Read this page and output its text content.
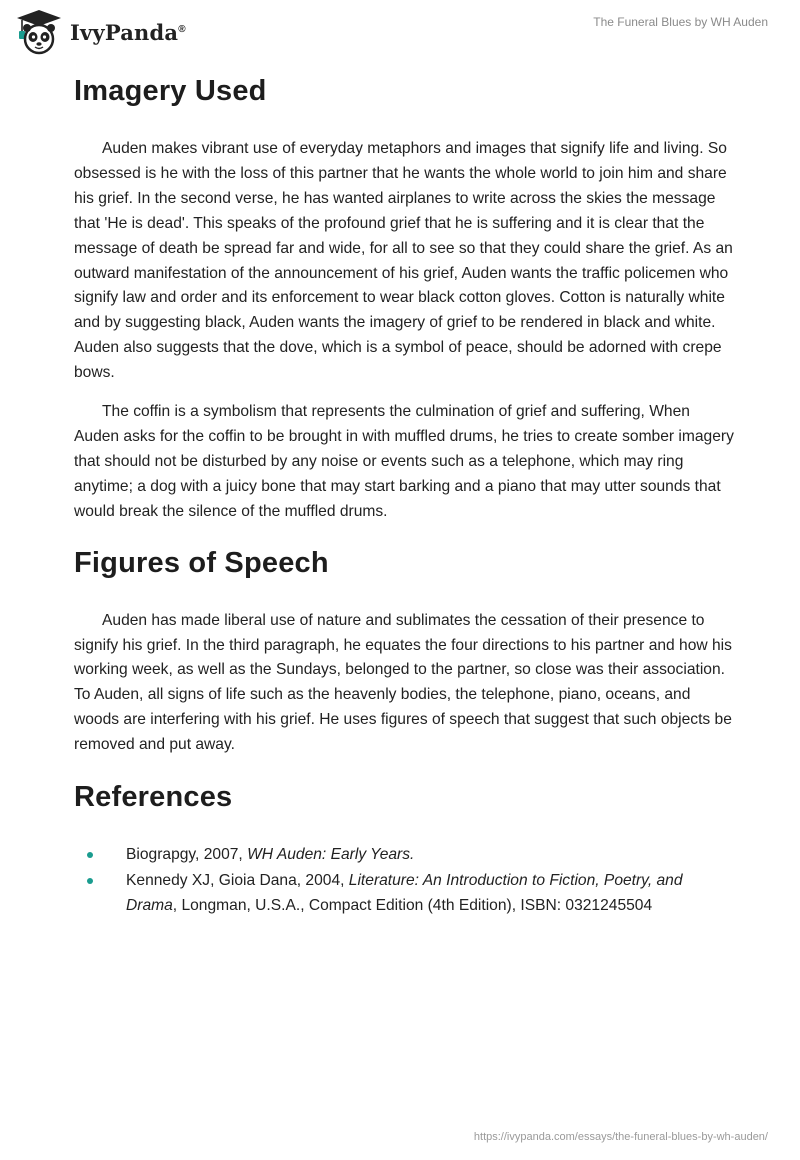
IvyPanda®	The Funeral Blues by WH Auden
Imagery Used

Auden makes vibrant use of everyday metaphors and images that signify life and living. So obsessed is he with the loss of this partner that he wants the whole world to join him and share his grief. In the second verse, he has wanted airplanes to write across the skies the message that 'He is dead'. This speaks of the profound grief that he is suffering and it is clear that the message of death be spread far and wide, for all to see so that they could share the grief. As an outward manifestation of the announcement of his grief, Auden wants the traffic policemen who signify law and order and its enforcement to wear black cotton gloves. Cotton is naturally white and by suggesting black, Auden wants the imagery of grief to be rendered in black and white. Auden also suggests that the dove, which is a symbol of peace, should be adorned with crepe bows.

The coffin is a symbolism that represents the culmination of grief and suffering, When Auden asks for the coffin to be brought in with muffled drums, he tries to create somber imagery that should not be disturbed by any noise or events such as a telephone, which may ring anytime; a dog with a juicy bone that may start barking and a piano that may utter sounds that would break the silence of the muffled drums.

Figures of Speech

Auden has made liberal use of nature and sublimates the cessation of their presence to signify his grief. In the third paragraph, he equates the four directions to his partner and how his working week, as well as the Sundays, belonged to the partner, so close was their association. To Auden, all signs of life such as the heavenly bodies, the telephone, piano, oceans, and woods are interfering with his grief. He uses figures of speech that suggest that such objects be removed and put away.

References
Biograpgy, 2007, WH Auden: Early Years.
Kennedy XJ, Gioia Dana, 2004, Literature: An Introduction to Fiction, Poetry, and Drama, Longman, U.S.A., Compact Edition (4th Edition), ISBN: 0321245504
https://ivypanda.com/essays/the-funeral-blues-by-wh-auden/
